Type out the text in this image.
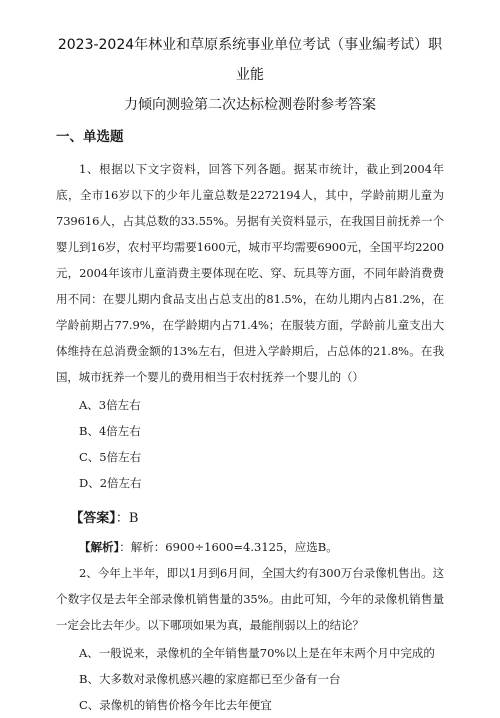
2023-2024年林业和草原系统事业单位考试（事业编考试）职业能
力倾向测验第二次达标检测卷附参考答案
一、单选题

1、根据以下文字资料，回答下列各题。据某市统计，截止到2004年底，全市16岁以下的少年儿童总数是2272194人，其中，学龄前期儿童为739616人，占其总数的33.55%。另据有关资料显示，在我国目前抚养一个婴儿到16岁，农村平均需要1600元，城市平均需要6900元，全国平均2200元，2004年该市儿童消费主要体现在吃、穿、玩具等方面，不同年龄消费费用不同：在婴儿期内食品支出占总支出的81.5%，在幼儿期内占81.2%，在学龄前期占77.9%，在学龄期内占71.4%；在服装方面，学龄前儿童支出大体维持在总消费金额的13%左右，但进入学龄期后，占总体的21.8%。在我国，城市抚养一个婴儿的费用相当于农村抚养一个婴儿的（）

A、3倍左右

B、4倍左右

C、5倍左右

D、2倍左右

【答案】：B

【解析】：解析：6900÷1600=4.3125，应选B。

2、今年上半年，即以1月到6月间，全国大约有300万台录像机售出。这个数字仅是去年全部录像机销售量的35%。由此可知，今年的录像机销售量一定会比去年少。以下哪项如果为真，最能削弱以上的结论？

A、一般说来，录像机的全年销售量70%以上是在年末两个月中完成的

B、大多数对录像机感兴趣的家庭都已至少备有一台

C、录像机的销售价格今年比去年便宜
